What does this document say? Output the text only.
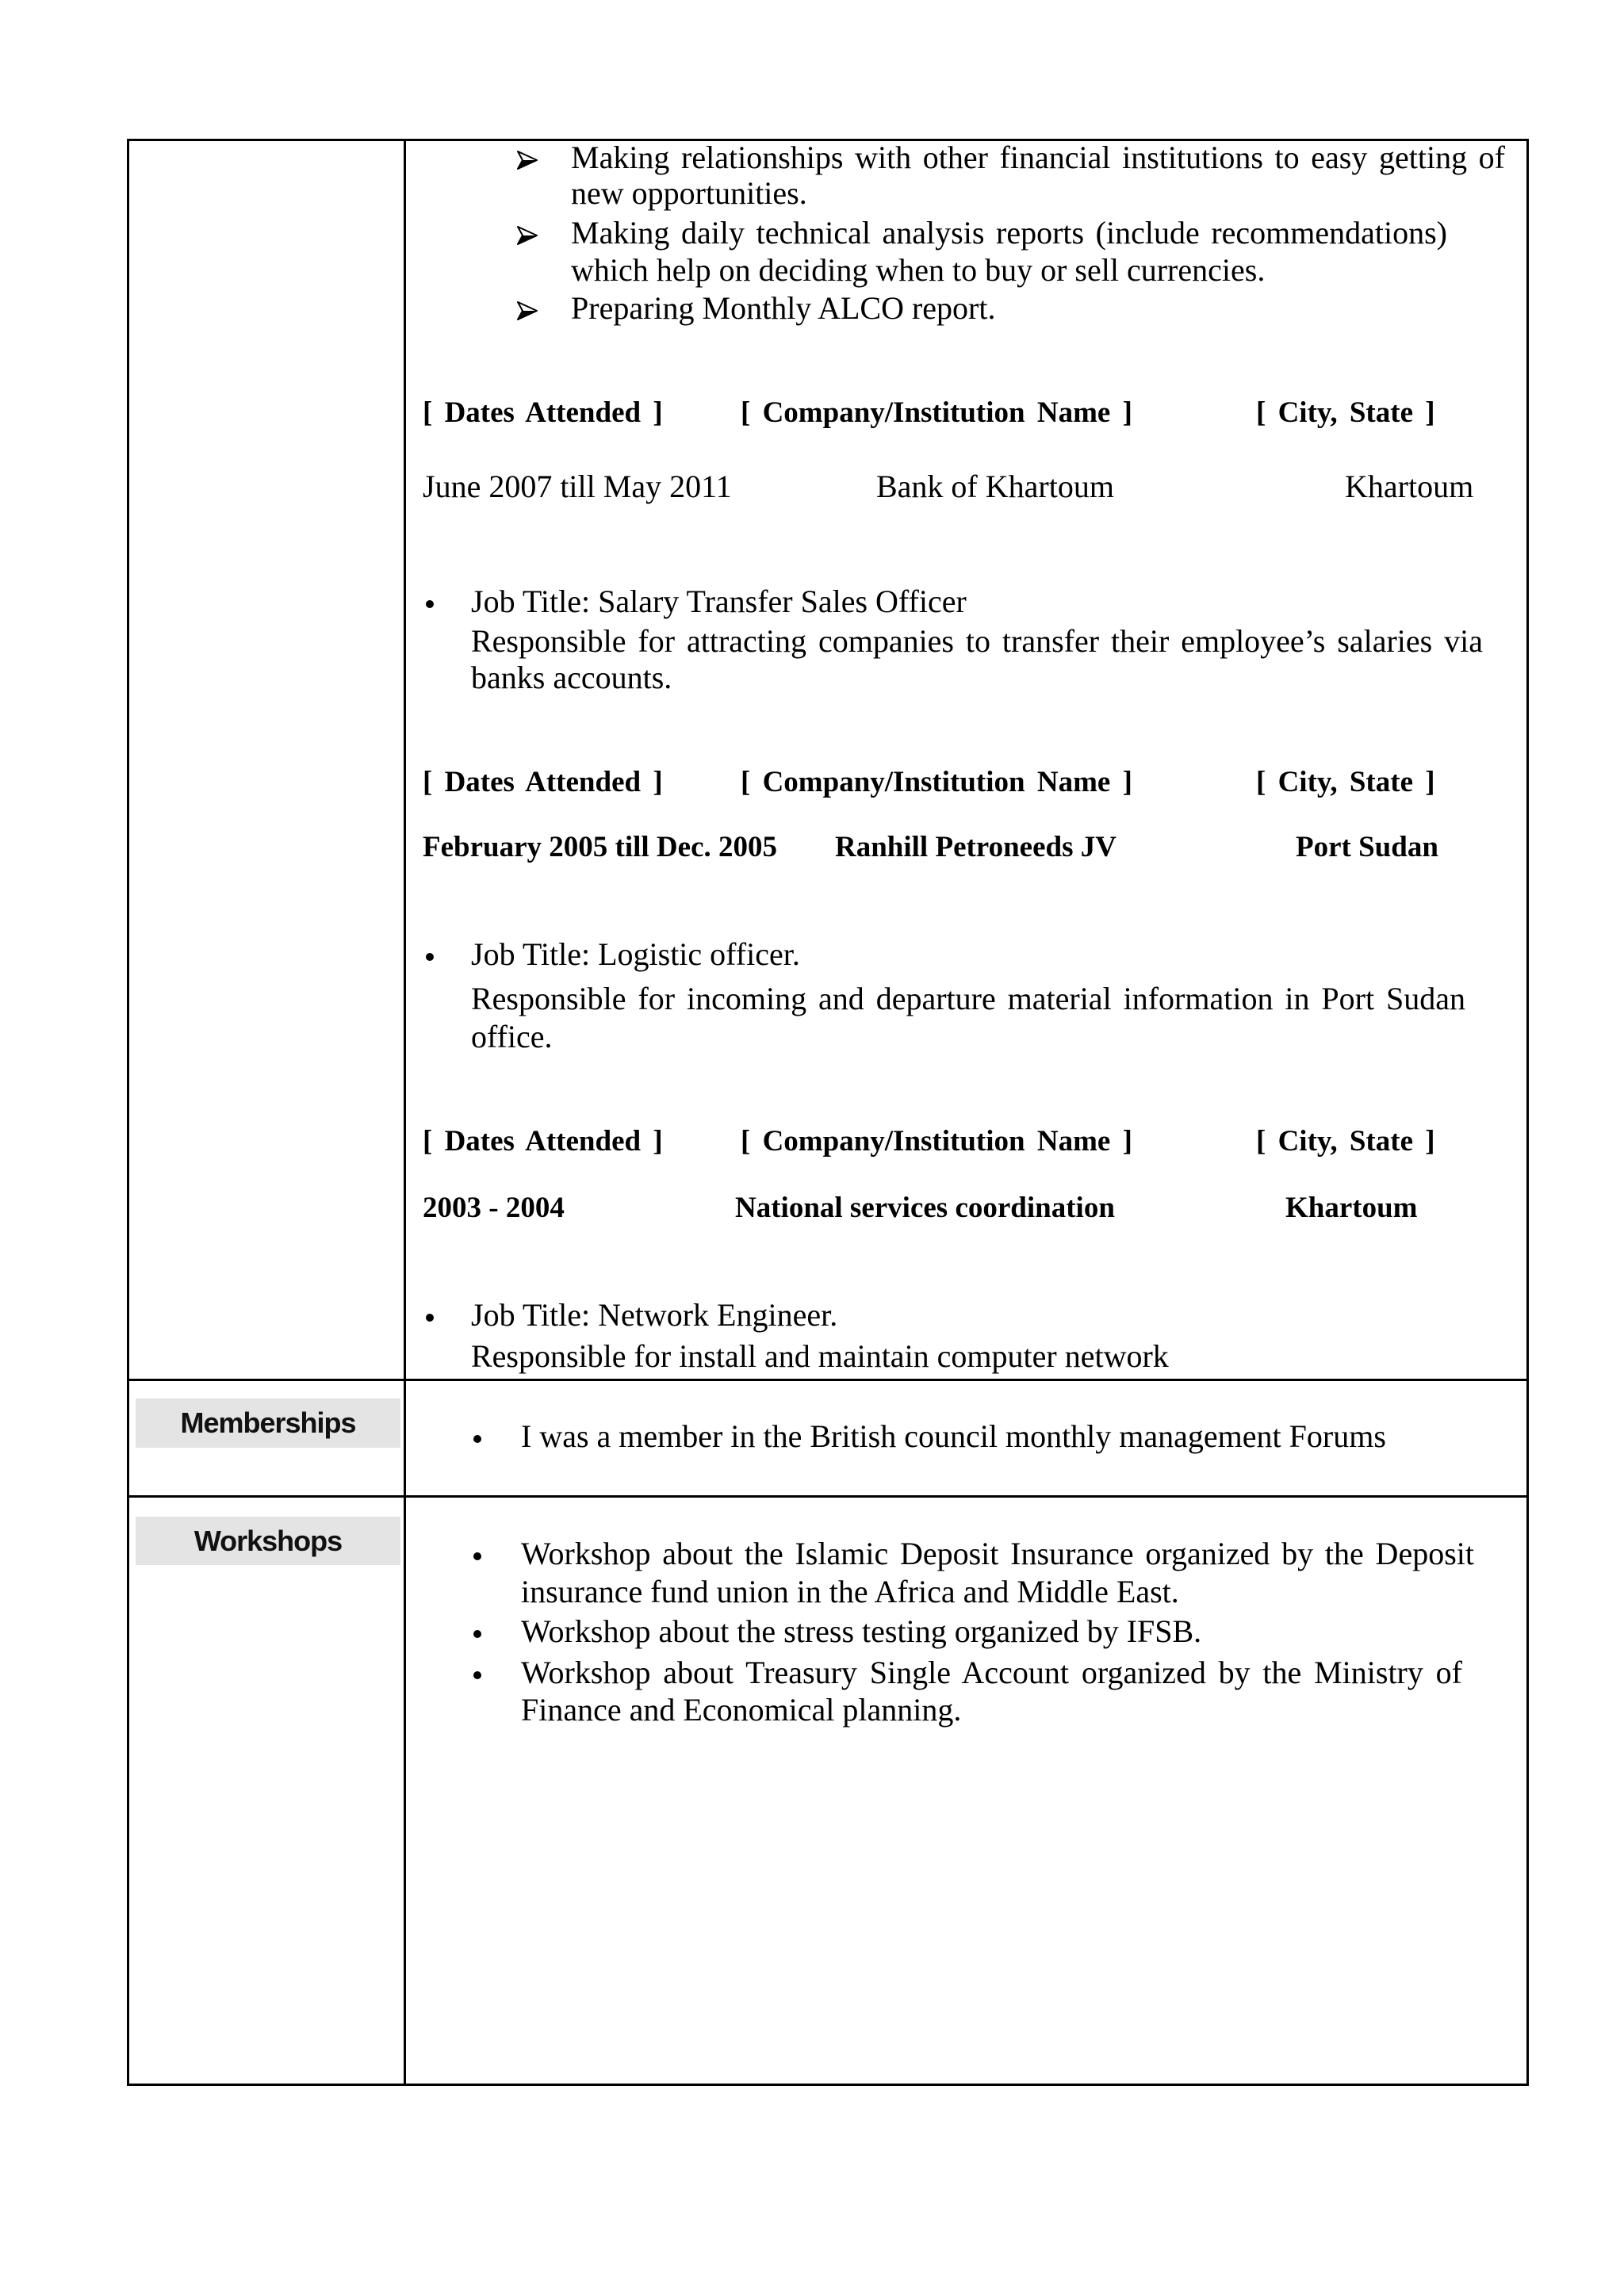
Making relationships with other financial institutions to easy getting of
new opportunities.
Making daily technical analysis reports (include recommendations)
which help on deciding when to buy or sell currencies.
Preparing Monthly ALCO report.
[ Dates Attended ]	[ Company/Institution Name ]	[ City, State ]
June 2007 till May 2011	Bank of Khartoum	Khartoum
Job Title: Salary Transfer Sales Officer
Responsible for attracting companies to transfer their employee’s salaries via
banks accounts.
[ Dates Attended ]	[ Company/Institution Name ]	[ City, State ]
February 2005 till Dec. 2005 Ranhill Petroneeds JV	Port Sudan
Job Title: Logistic officer.
Responsible for incoming and departure material information in Port Sudan
office.
[ Dates Attended ]	[ Company/Institution Name ]	[ City, State ]
2003 - 2004	National services coordination	Khartoum
Job Title: Network Engineer.
Responsible for install and maintain computer network
Memberships	I was a member in the British council monthly management Forums
Workshops	Workshop about the Islamic Deposit Insurance organized by the Deposit
insurance fund union in the Africa and Middle East.
Workshop about the stress testing organized by IFSB.
Workshop about Treasury Single Account organized by the Ministry of
Finance and Economical planning.
